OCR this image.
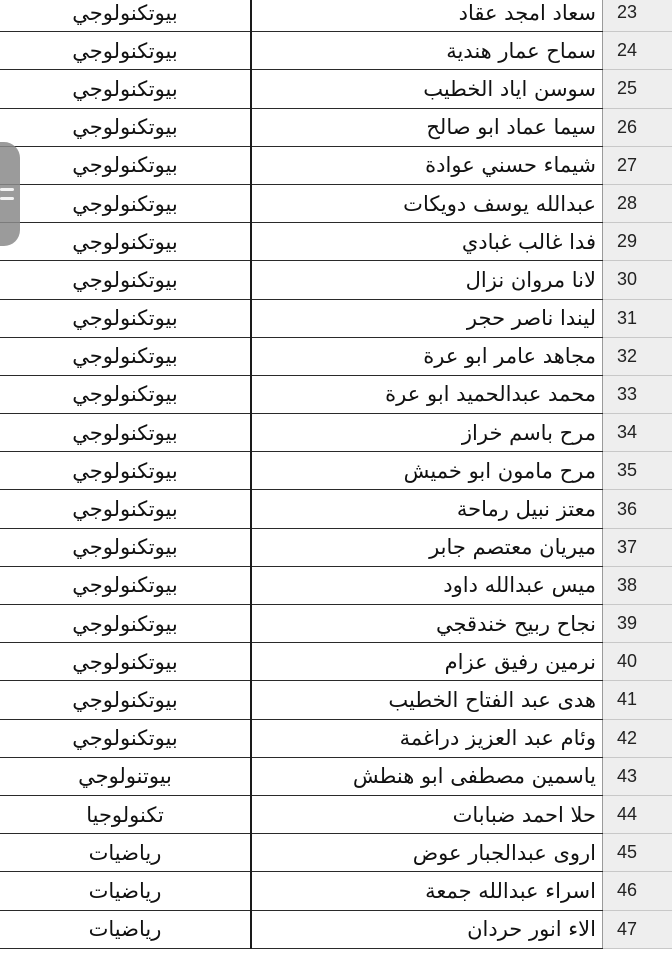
بيوتكنولوجي	سعاد امجد عقاد	23
بيوتكنولوجي	سماح عمار هندية	24
بيوتكنولوجي	سوسن اياد الخطيب	25
بيوتكنولوجي	سيما عماد ابو صالح	26
بيوتكنولوجي	شيماء حسني عوادة	27
بيوتكنولوجي	عبدالله يوسف دويكات	28
بيوتكنولوجي	فدا غالب غبادي	29
بيوتكنولوجي	لانا مروان نزال	30
بيوتكنولوجي	ليندا ناصر حجر	31
بيوتكنولوجي	مجاهد عامر ابو عرة	32
بيوتكنولوجي	محمد عبدالحميد ابو عرة	33
بيوتكنولوجي	مرح باسم خراز	34
بيوتكنولوجي	مرح مامون ابو خميش	35
بيوتكنولوجي	معتز نبيل رماحة	36
بيوتكنولوجي	ميريان معتصم جابر	37
بيوتكنولوجي	ميس عبدالله داود	38
بيوتكنولوجي	نجاح ربيح خندقجي	39
بيوتكنولوجي	نرمين رفيق عزام	40
بيوتكنولوجي	هدى عبد الفتاح الخطيب	41
بيوتكنولوجي	وئام عبد العزيز دراغمة	42
بيوتنولوجي	ياسمين مصطفى ابو هنطش	43
تكنولوجيا	حلا احمد ضبابات	44
رياضيات	اروى عبدالجبار عوض	45
رياضيات	اسراء عبدالله جمعة	46
رياضيات	الاء انور حردان	47
